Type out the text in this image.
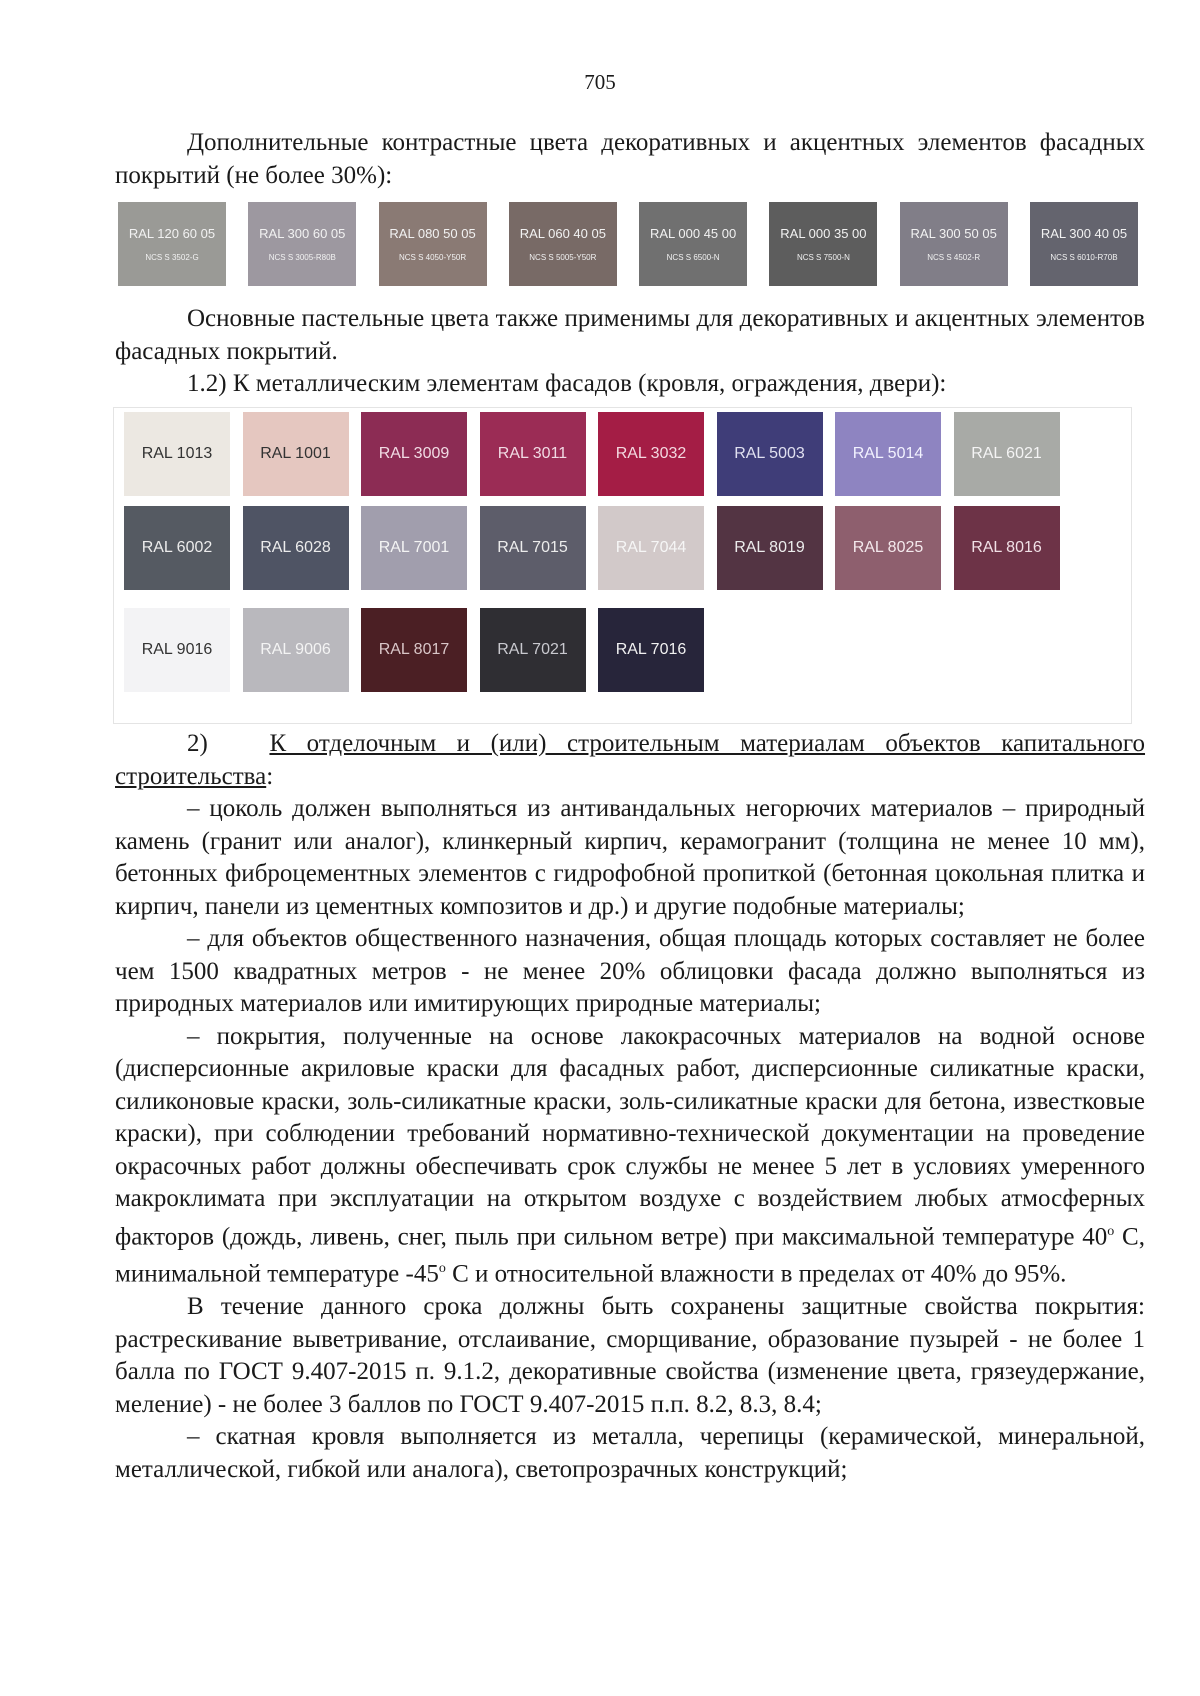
705

Дополнительные контрастные цвета декоративных и акцентных элементов фасадных покрытий (не более 30%):

RAL 120 60 05
NCS S 3502-G
RAL 300 60 05
NCS S 3005-R80B
RAL 080 50 05
NCS S 4050-Y50R
RAL 060 40 05
NCS S 5005-Y50R
RAL 000 45 00
NCS S 6500-N
RAL 000 35 00
NCS S 7500-N
RAL 300 50 05
NCS S 4502-R
RAL 300 40 05
NCS S 6010-R70B

Основные пастельные цвета также применимы для декоративных и акцентных элементов фасадных покрытий.

1.2) К металлическим элементам фасадов (кровля, ограждения, двери):

RAL 1013	RAL 1001	RAL 3009	RAL 3011	RAL 3032	RAL 5003	RAL 5014	RAL 6021
RAL 6002	RAL 6028	RAL 7001	RAL 7015	RAL 7044	RAL 8019	RAL 8025	RAL 8016
RAL 9016	RAL 9006	RAL 8017	RAL 7021	RAL 7016

2) К отделочным и (или) строительным материалам объектов капитального строительства:

– цоколь должен выполняться из антивандальных негорючих материалов – природный камень (гранит или аналог), клинкерный кирпич, керамогранит (толщина не менее 10 мм), бетонных фиброцементных элементов с гидрофобной пропиткой (бетонная цокольная плитка и кирпич, панели из цементных композитов и др.) и другие подобные материалы;

– для объектов общественного назначения, общая площадь которых составляет не более чем 1500 квадратных метров - не менее 20% облицовки фасада должно выполняться из природных материалов или имитирующих природные материалы;

– покрытия, полученные на основе лакокрасочных материалов на водной основе (дисперсионные акриловые краски для фасадных работ, дисперсионные силикатные краски, силиконовые краски, золь-силикатные краски, золь-силикатные краски для бетона, известковые краски), при соблюдении требований нормативно-технической документации на проведение окрасочных работ должны обеспечивать срок службы не менее 5 лет в условиях умеренного макроклимата при эксплуатации на открытом воздухе с воздействием любых атмосферных факторов (дождь, ливень, снег, пыль при сильном ветре) при максимальной температуре $40^о$ С, минимальной температуре $-45^о$ С и относительной влажности в пределах от 40% до 95%.

В течение данного срока должны быть сохранены защитные свойства покрытия: растрескивание выветривание, отслаивание, сморщивание, образование пузырей - не более 1 балла по ГОСТ 9.407-2015 п. 9.1.2, декоративные свойства (изменение цвета, грязеудержание, меление) - не более 3 баллов по ГОСТ 9.407-2015 п.п. 8.2, 8.3, 8.4;

– скатная кровля выполняется из металла, черепицы (керамической, минеральной, металлической, гибкой или аналога), светопрозрачных конструкций;
